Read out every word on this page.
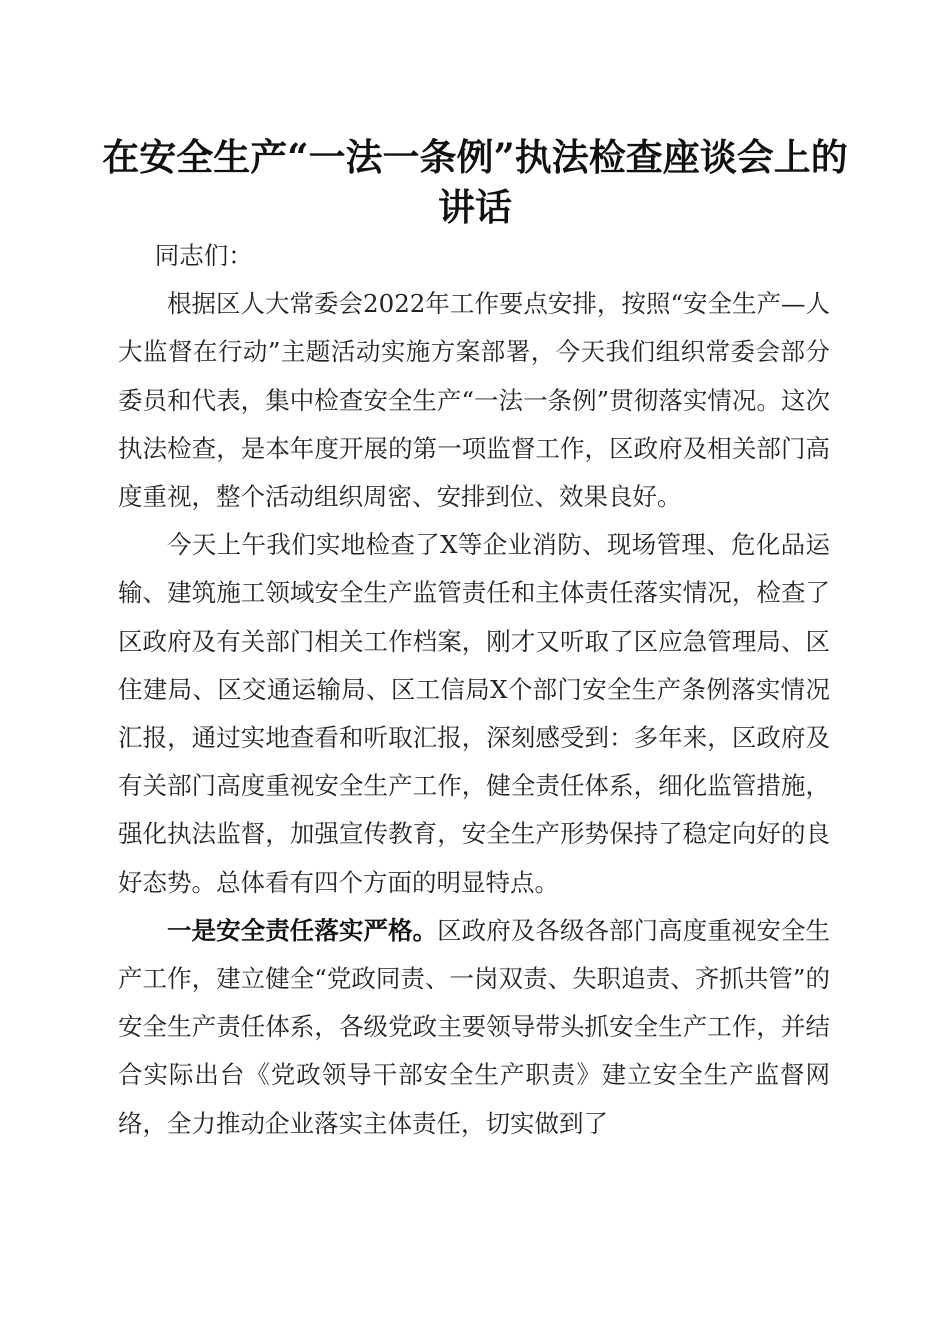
在安全生产“一法一条例”执法检查座谈会上的讲话

同志们：

根据区人大常委会2022年工作要点安排，按照“安全生产—人大监督在行动”主题活动实施方案部署，今天我们组织常委会部分委员和代表，集中检查安全生产“一法一条例”贯彻落实情况。这次执法检查，是本年度开展的第一项监督工作，区政府及相关部门高度重视，整个活动组织周密、安排到位、效果良好。

今天上午我们实地检查了X等企业消防、现场管理、危化品运输、建筑施工领域安全生产监管责任和主体责任落实情况，检查了区政府及有关部门相关工作档案，刚才又听取了区应急管理局、区住建局、区交通运输局、区工信局X个部门安全生产条例落实情况汇报，通过实地查看和听取汇报，深刻感受到：多年来，区政府及有关部门高度重视安全生产工作，健全责任体系，细化监管措施，强化执法监督，加强宣传教育，安全生产形势保持了稳定向好的良好态势。总体看有四个方面的明显特点。

一是安全责任落实严格。区政府及各级各部门高度重视安全生产工作，建立健全“党政同责、一岗双责、失职追责、齐抓共管”的安全生产责任体系，各级党政主要领导带头抓安全生产工作，并结合实际出台《党政领导干部安全生产职责》建立安全生产监督网络，全力推动企业落实主体责任，切实做到了
